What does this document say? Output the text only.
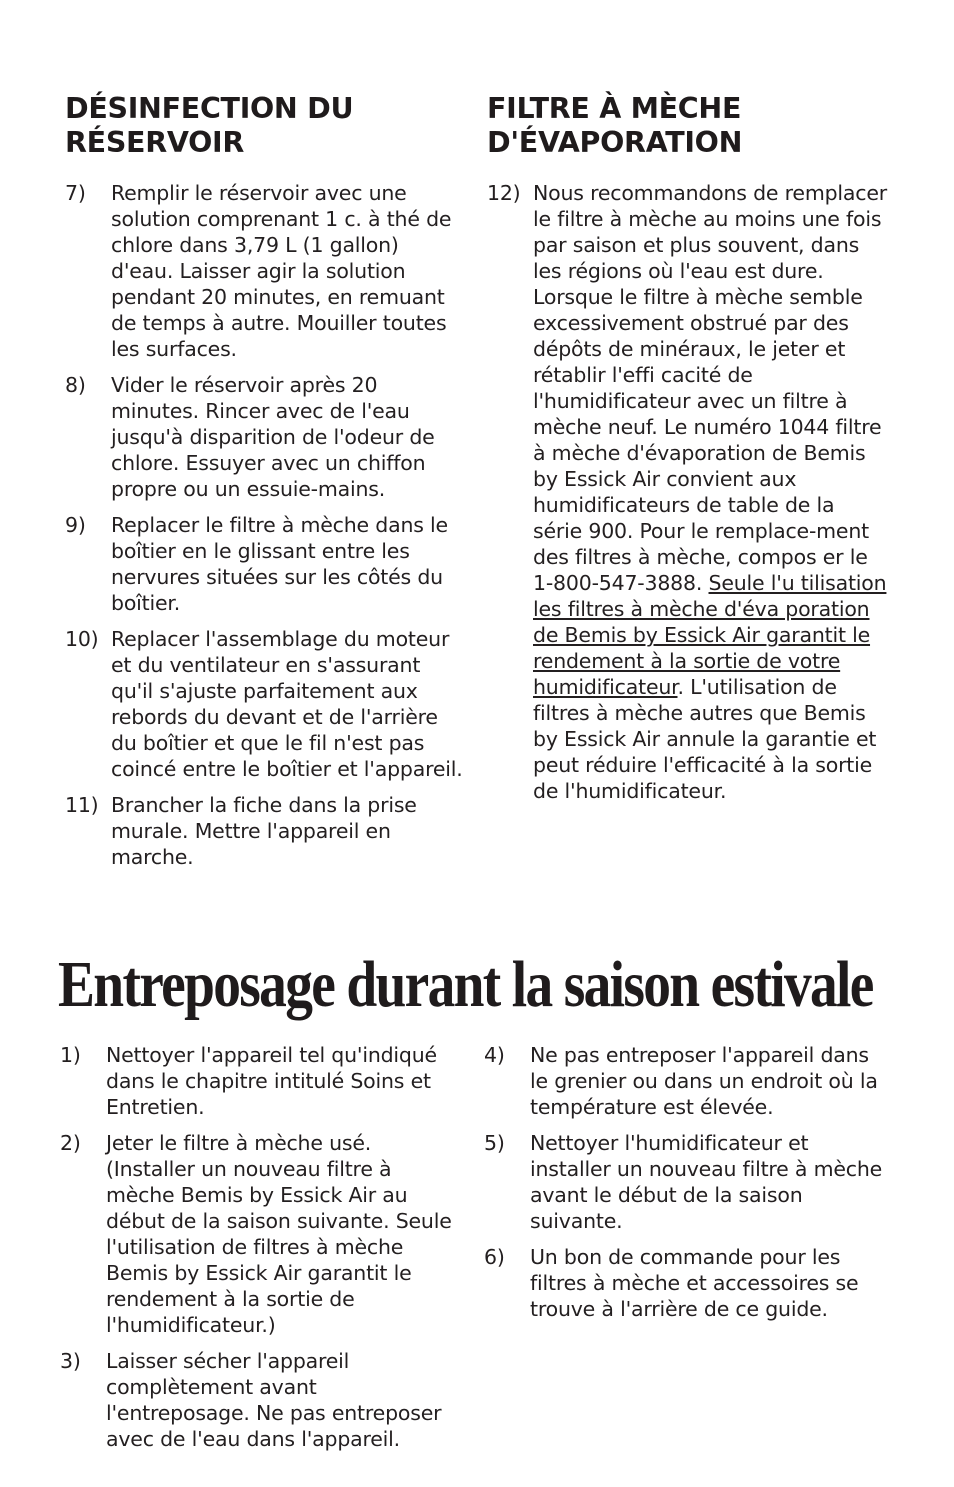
DÉSINFECTION DU RÉSERVOIR
7)	Remplir le réservoir avec une solution comprenant 1 c. à thé de chlore dans 3,79 L (1 gallon) d'eau. Laisser agir la solution pendant 20 minutes, en remuant de temps à autre. Mouiller toutes les surfaces.
8)	Vider le réservoir après 20 minutes. Rincer avec de l'eau jusqu'à disparition de l'odeur de chlore. Essuyer avec un chiffon propre ou un essuie-mains.
9)	Replacer le filtre à mèche dans le boîtier en le glissant entre les nervures situées sur les côtés du boîtier.
10) Replacer l'assemblage du moteur et du ventilateur en s'assurant qu'il s'ajuste parfaitement aux rebords du devant et de l'arrière du boîtier et que le fil n'est pas coincé entre le boîtier et l'appareil.
11) Brancher la fiche dans la prise murale. Mettre l'appareil en marche.
FILTRE À MÈCHE D'ÉVAPORATION
12) Nous recommandons de remplacer le filtre à mèche au moins une fois par saison et plus souvent, dans les régions où l'eau est dure. Lorsque le filtre à mèche semble excessivement obstrué par des dépôts de minéraux, le jeter et rétablir l'effi cacité de l'humidificateur avec un filtre à mèche neuf. Le numéro 1044 filtre à mèche d'évaporation de Bemis by Essick Air convient aux humidificateurs de table de la série 900. Pour le remplace-ment des filtres à mèche, compos er le 1-800-547-3888. Seule l'u tilisation les filtres à mèche d'éva poration de Bemis by Essick Air garantit le rendement à la sortie de votre humidificateur. L'utilisation de filtres à mèche autres que Bemis by Essick Air annule la garantie et peut réduire l'efficacité à la sortie de l'humidificateur.
Entreposage durant la saison estivale
1)	Nettoyer l'appareil tel qu'indiqué dans le chapitre intitulé Soins et Entretien.
2)	Jeter le filtre à mèche usé. (Installer un nouveau filtre à mèche Bemis by Essick Air au début de la saison suivante. Seule l'utilisation de filtres à mèche Bemis by Essick Air garantit le rendement à la sortie de l'humidificateur.)
3)	Laisser sécher l'appareil complètement avant l'entreposage. Ne pas entreposer avec de l'eau dans l'appareil.
4)	Ne pas entreposer l'appareil dans le grenier ou dans un endroit où la température est élevée.
5)	Nettoyer l'humidificateur et installer un nouveau filtre à mèche avant le début de la saison suivante.
6)	Un bon de commande pour les filtres à mèche et accessoires se trouve à l'arrière de ce guide.
